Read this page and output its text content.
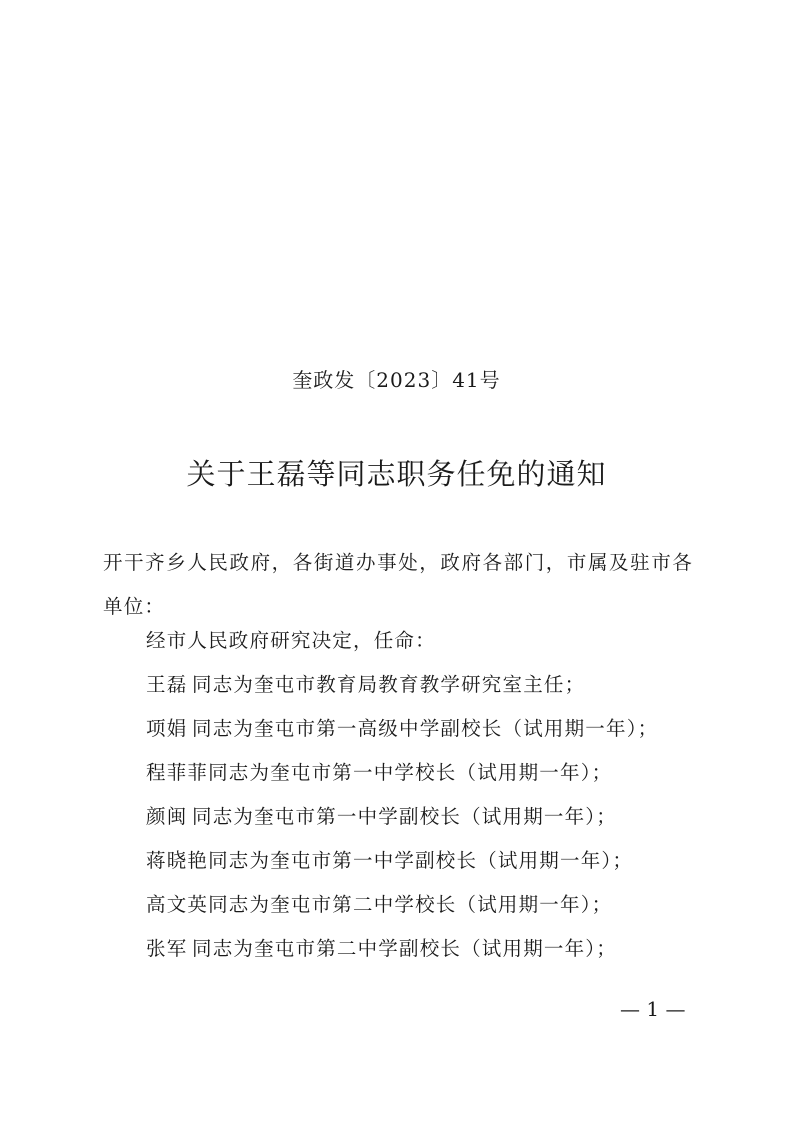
奎政发〔2023〕41号
关于王磊等同志职务任免的通知
开干齐乡人民政府，各街道办事处，政府各部门，市属及驻市各单位：
经市人民政府研究决定，任命：
王磊 同志为奎屯市教育局教育教学研究室主任；
项娟 同志为奎屯市第一高级中学副校长（试用期一年）；
程菲菲同志为奎屯市第一中学校长（试用期一年）；
颜闽 同志为奎屯市第一中学副校长（试用期一年）；
蒋晓艳同志为奎屯市第一中学副校长（试用期一年）；
高文英同志为奎屯市第二中学校长（试用期一年）；
张军 同志为奎屯市第二中学副校长（试用期一年）；
— 1 —
